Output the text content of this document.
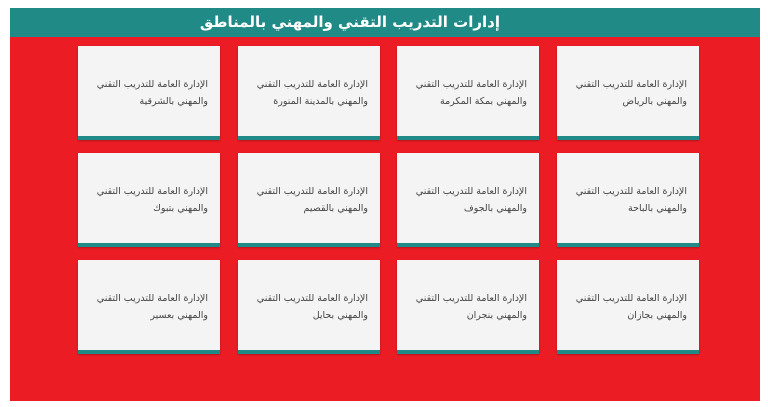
إدارات التدريب التقني والمهني بالمناطق
الإدارة العامة للتدريب التقني
والمهني بالرياض
الإدارة العامة للتدريب التقني
والمهني بمكة المكرمة
الإدارة العامة للتدريب التقني
والمهني بالمدينة المنورة
الإدارة العامة للتدريب التقني
والمهني بالشرقية
الإدارة العامة للتدريب التقني
والمهني بالباحة
الإدارة العامة للتدريب التقني
والمهني بالجوف
الإدارة العامة للتدريب التقني
والمهني بالقصيم
الإدارة العامة للتدريب التقني
والمهني بتبوك
الإدارة العامة للتدريب التقني
والمهني بجازان
الإدارة العامة للتدريب التقني
والمهني بنجران
الإدارة العامة للتدريب التقني
والمهني بحايل
الإدارة العامة للتدريب التقني
والمهني بعسير
